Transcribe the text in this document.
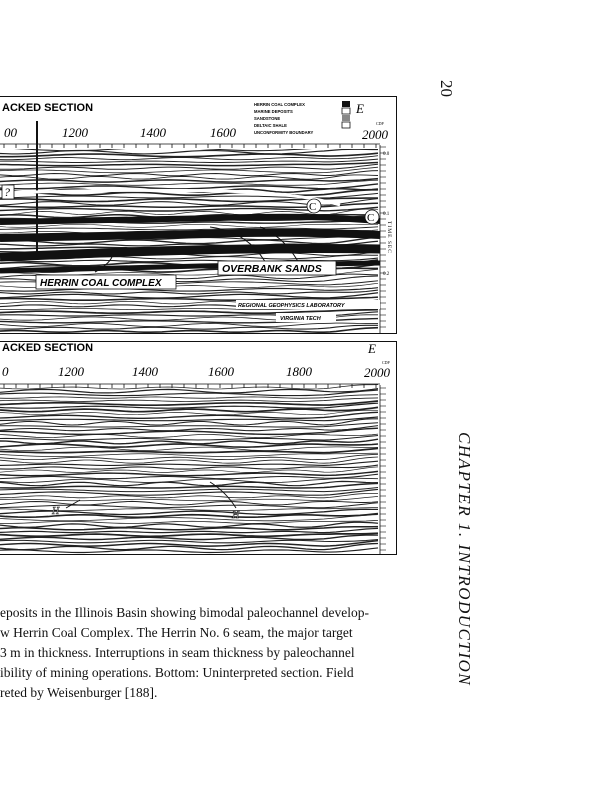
20
CHAPTER 1. INTRODUCTION
ACKED SECTION	E
CDP
HERRIN COAL COMPLEX
MARINE DEPOSITS
SANDSTONE
DELTAIC SHALE
UNCONFORMITY BOUNDARY
00	1200	1400	1600	2000
0.0
0.1
0.2
TIME SEC
?
C
C
HERRIN COAL COMPLEX
OVERBANK SANDS
REGIONAL GEOPHYSICS LABORATORY
VIRGINIA TECH
ACKED SECTION	E
CDP
0	1200	1400	1600	1800	2000
H	H
eposits in the Illinois Basin showing bimodal paleochannel develop-
w Herrin Coal Complex. The Herrin No. 6 seam, the major target
3 m in thickness. Interruptions in seam thickness by paleochannel
ibility of mining operations. Bottom: Uninterpreted section. Field
reted by Weisenburger [188].
